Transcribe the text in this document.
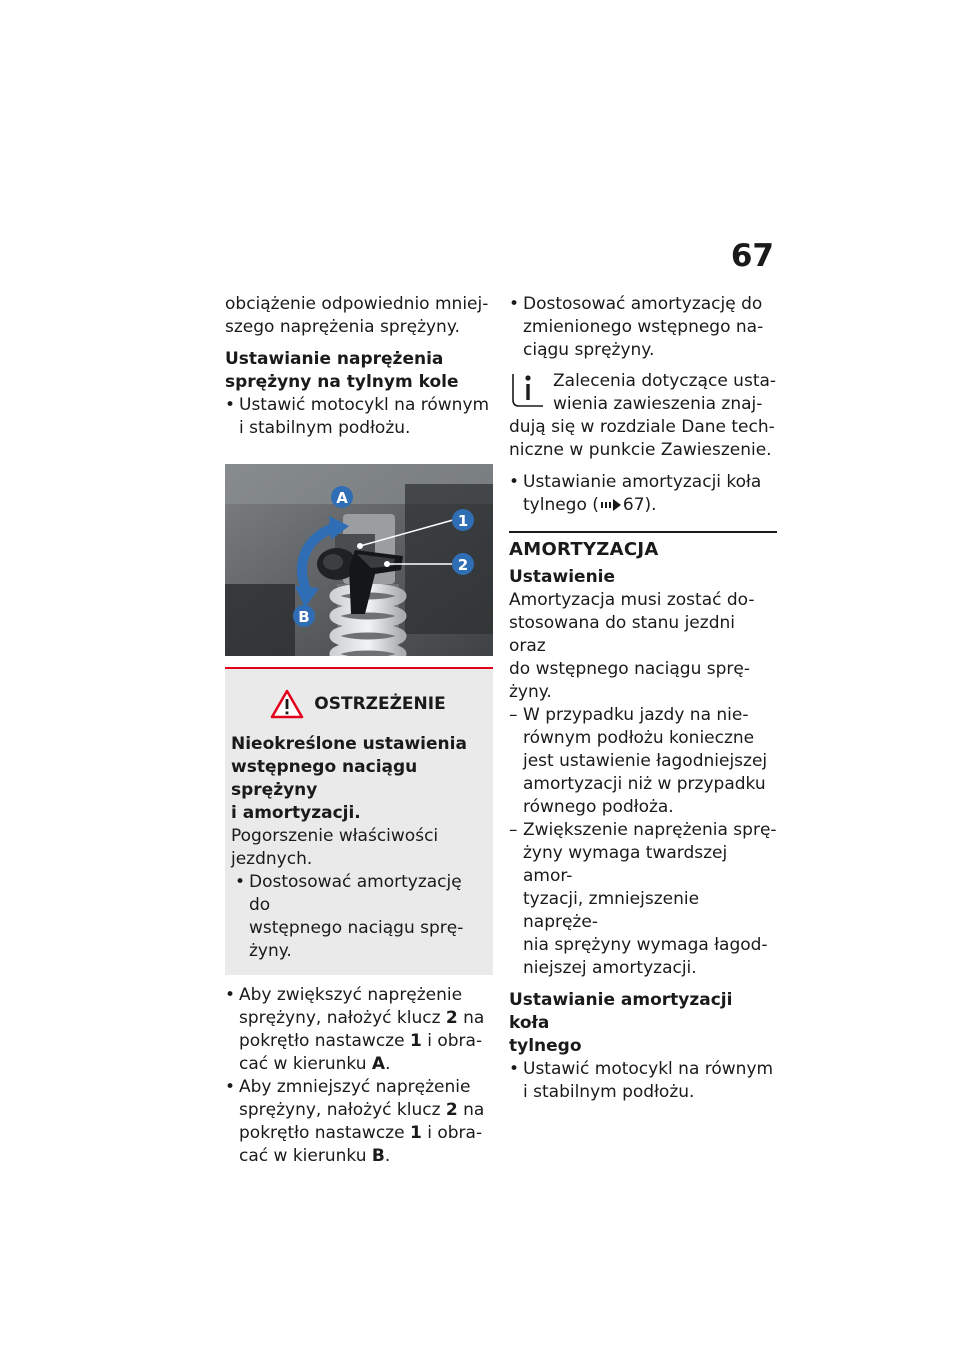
67

obciążenie odpowiednio mniej-

szego naprężenia sprężyny.

Ustawianie naprężenia
sprężyny na tylnym kole
• Ustawić motocykl na równym
i stabilnym podłożu.
A
B
1
2
OSTRZEŻENIE
Nieokreślone ustawienia
wstępnego naciągu sprężyny
i amortyzacji.
Pogorszenie właściwości
jezdnych.
• Dostosować amortyzację do
wstępnego naciągu sprę-
żyny.
• Aby zwiększyć naprężenie
sprężyny, nałożyć klucz 2 na
pokrętło nastawcze 1 i obra-
cać w kierunku A.
• Aby zmniejszyć naprężenie
sprężyny, nałożyć klucz 2 na
pokrętło nastawcze 1 i obra-
cać w kierunku B.
• Dostosować amortyzację do
zmienionego wstępnego na-
ciągu sprężyny.
Zalecenia dotyczące usta-
wienia zawieszenia znaj-
dują się w rozdziale Dane tech-
niczne w punkcie Zawieszenie.
• Ustawianie amortyzacji koła
tylnego ( 67).
AMORTYZACJA
Ustawienie
Amortyzacja musi zostać do-
stosowana do stanu jezdni oraz
do wstępnego naciągu sprę-
żyny.
– W przypadku jazdy na nie-
równym podłożu konieczne
jest ustawienie łagodniejszej
amortyzacji niż w przypadku
równego podłoża.
– Zwiększenie naprężenia sprę-
żyny wymaga twardszej amor-
tyzacji, zmniejszenie napręże-
nia sprężyny wymaga łagod-
niejszej amortyzacji.
Ustawianie amortyzacji koła
tylnego
• Ustawić motocykl na równym
i stabilnym podłożu.
